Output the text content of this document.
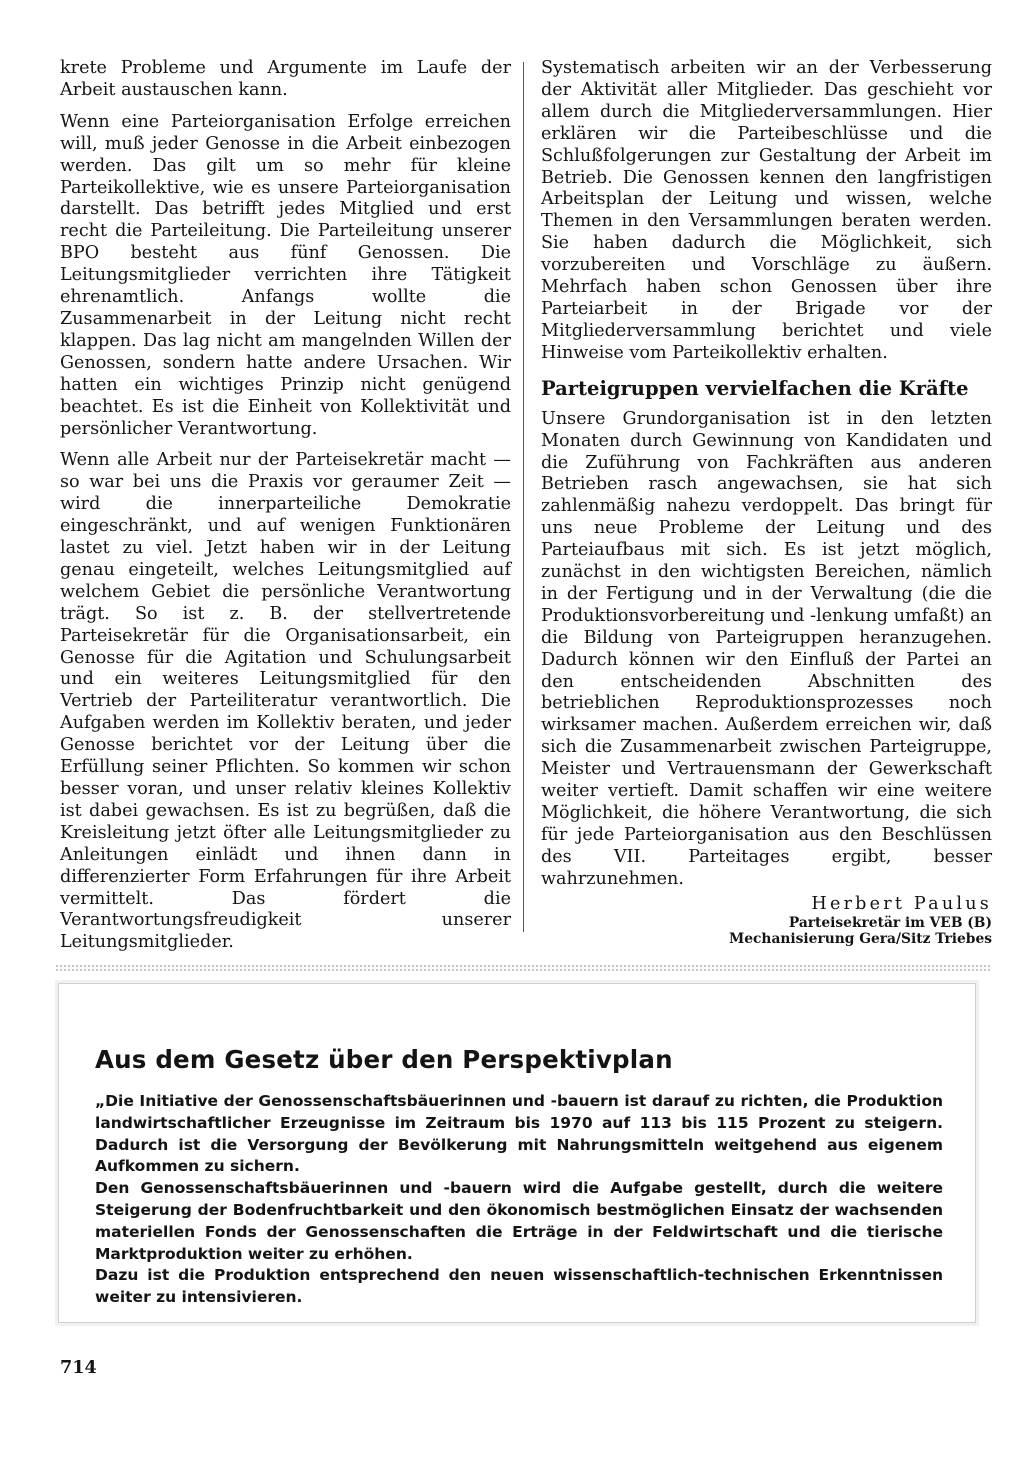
krete Probleme und Argumente im Laufe der Arbeit austauschen kann.

Wenn eine Parteiorganisation Erfolge erreichen will, muß jeder Genosse in die Arbeit einbezogen werden. Das gilt um so mehr für kleine Parteikollektive, wie es unsere Parteiorganisation darstellt. Das betrifft jedes Mitglied und erst recht die Parteileitung. Die Parteileitung unserer BPO besteht aus fünf Genossen. Die Leitungsmitglieder verrichten ihre Tätigkeit ehrenamtlich. Anfangs wollte die Zusammenarbeit in der Leitung nicht recht klappen. Das lag nicht am mangelnden Willen der Genossen, sondern hatte andere Ursachen. Wir hatten ein wichtiges Prinzip nicht genügend beachtet. Es ist die Einheit von Kollektivität und persönlicher Verantwortung.

Wenn alle Arbeit nur der Parteisekretär macht — so war bei uns die Praxis vor geraumer Zeit — wird die innerparteiliche Demokratie eingeschränkt, und auf wenigen Funktionären lastet zu viel. Jetzt haben wir in der Leitung genau eingeteilt, welches Leitungsmitglied auf welchem Gebiet die persönliche Verantwortung trägt. So ist z. B. der stellvertretende Parteisekretär für die Organisationsarbeit, ein Genosse für die Agitation und Schulungsarbeit und ein weiteres Leitungsmitglied für den Vertrieb der Parteiliteratur verantwortlich. Die Aufgaben werden im Kollektiv beraten, und jeder Genosse berichtet vor der Leitung über die Erfüllung seiner Pflichten. So kommen wir schon besser voran, und unser relativ kleines Kollektiv ist dabei gewachsen. Es ist zu begrüßen, daß die Kreisleitung jetzt öfter alle Leitungsmitglieder zu Anleitungen einlädt und ihnen dann in differenzierter Form Erfahrungen für ihre Arbeit vermittelt. Das fördert die Verantwortungsfreudigkeit unserer Leitungsmitglieder.

Systematisch arbeiten wir an der Verbesserung der Aktivität aller Mitglieder. Das geschieht vor allem durch die Mitgliederversammlungen. Hier erklären wir die Parteibeschlüsse und die Schlußfolgerungen zur Gestaltung der Arbeit im Betrieb. Die Genossen kennen den langfristigen Arbeitsplan der Leitung und wissen, welche Themen in den Versammlungen beraten werden. Sie haben dadurch die Möglichkeit, sich vorzubereiten und Vorschläge zu äußern. Mehrfach haben schon Genossen über ihre Parteiarbeit in der Brigade vor der Mitgliederversammlung berichtet und viele Hinweise vom Parteikollektiv erhalten.

Parteigruppen vervielfachen die Kräfte

Unsere Grundorganisation ist in den letzten Monaten durch Gewinnung von Kandidaten und die Zuführung von Fachkräften aus anderen Betrieben rasch angewachsen, sie hat sich zahlenmäßig nahezu verdoppelt. Das bringt für uns neue Probleme der Leitung und des Parteiaufbaus mit sich. Es ist jetzt möglich, zunächst in den wichtigsten Bereichen, nämlich in der Fertigung und in der Verwaltung (die die Produktionsvorbereitung und -lenkung umfaßt) an die Bildung von Parteigruppen heranzugehen. Dadurch können wir den Einfluß der Partei an den entscheidenden Abschnitten des betrieblichen Reproduktionsprozesses noch wirksamer machen. Außerdem erreichen wir, daß sich die Zusammenarbeit zwischen Parteigruppe, Meister und Vertrauensmann der Gewerkschaft weiter vertieft. Damit schaffen wir eine weitere Möglichkeit, die höhere Verantwortung, die sich für jede Parteiorganisation aus den Beschlüssen des VII. Parteitages ergibt, besser wahrzunehmen.

Herbert Paulus
Parteisekretär im VEB (B)
Mechanisierung Gera/Sitz Triebes
Aus dem Gesetz über den Perspektivplan

„Die Initiative der Genossenschaftsbäuerinnen und -bauern ist darauf zu richten, die Produktion landwirtschaftlicher Erzeugnisse im Zeitraum bis 1970 auf 113 bis 115 Prozent zu steigern. Dadurch ist die Versorgung der Bevölkerung mit Nahrungsmitteln weitgehend aus eigenem Aufkommen zu sichern.

Den Genossenschaftsbäuerinnen und -bauern wird die Aufgabe gestellt, durch die weitere Steigerung der Bodenfruchtbarkeit und den ökonomisch bestmöglichen Einsatz der wachsenden materiellen Fonds der Genossenschaften die Erträge in der Feldwirtschaft und die tierische Marktproduktion weiter zu erhöhen.

Dazu ist die Produktion entsprechend den neuen wissenschaftlich-technischen Erkenntnissen weiter zu intensivieren.

714
